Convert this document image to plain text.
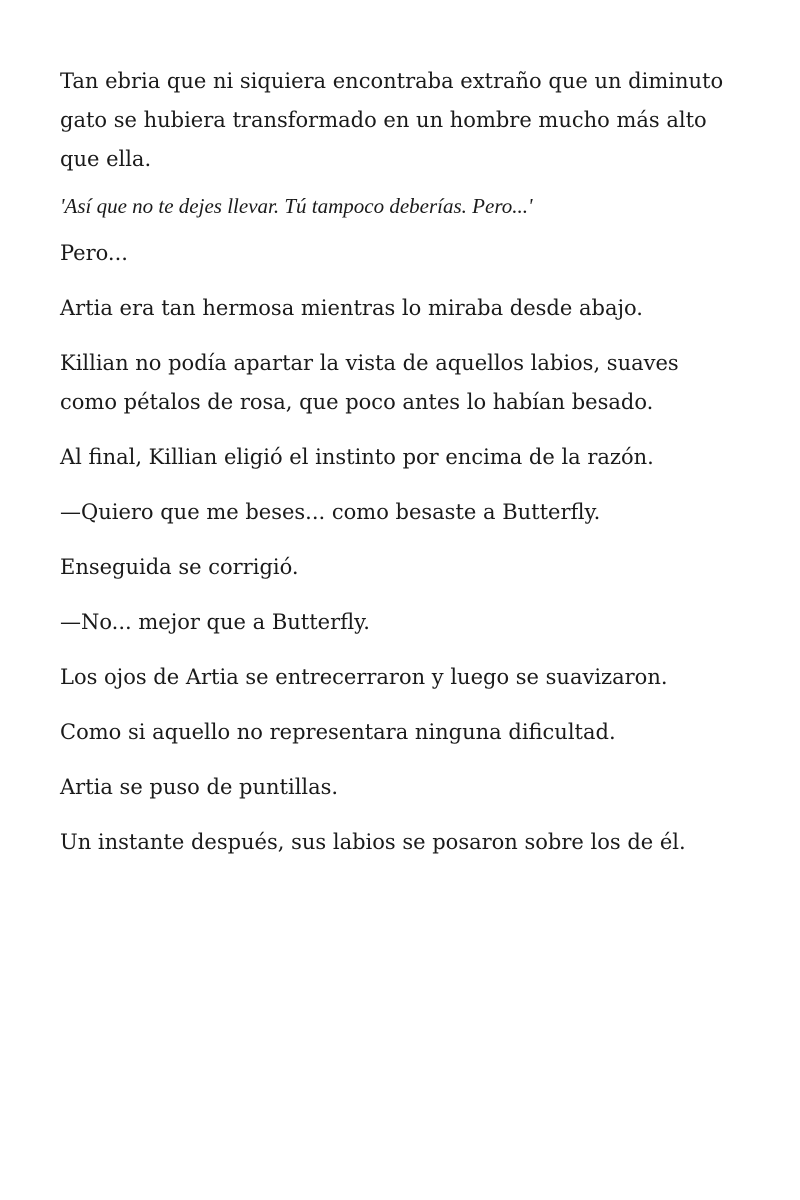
Tan ebria que ni siquiera encontraba extraño que un diminuto gato se hubiera transformado en un hombre mucho más alto que ella.

'Así que no te dejes llevar. Tú tampoco deberías. Pero...'

Pero...

Artia era tan hermosa mientras lo miraba desde abajo.

Killian no podía apartar la vista de aquellos labios, suaves como pétalos de rosa, que poco antes lo habían besado.

Al final, Killian eligió el instinto por encima de la razón.

—Quiero que me beses... como besaste a Butterfly.

Enseguida se corrigió.

—No... mejor que a Butterfly.

Los ojos de Artia se entrecerraron y luego se suavizaron.

Como si aquello no representara ninguna dificultad.

Artia se puso de puntillas.

Un instante después, sus labios se posaron sobre los de él.
